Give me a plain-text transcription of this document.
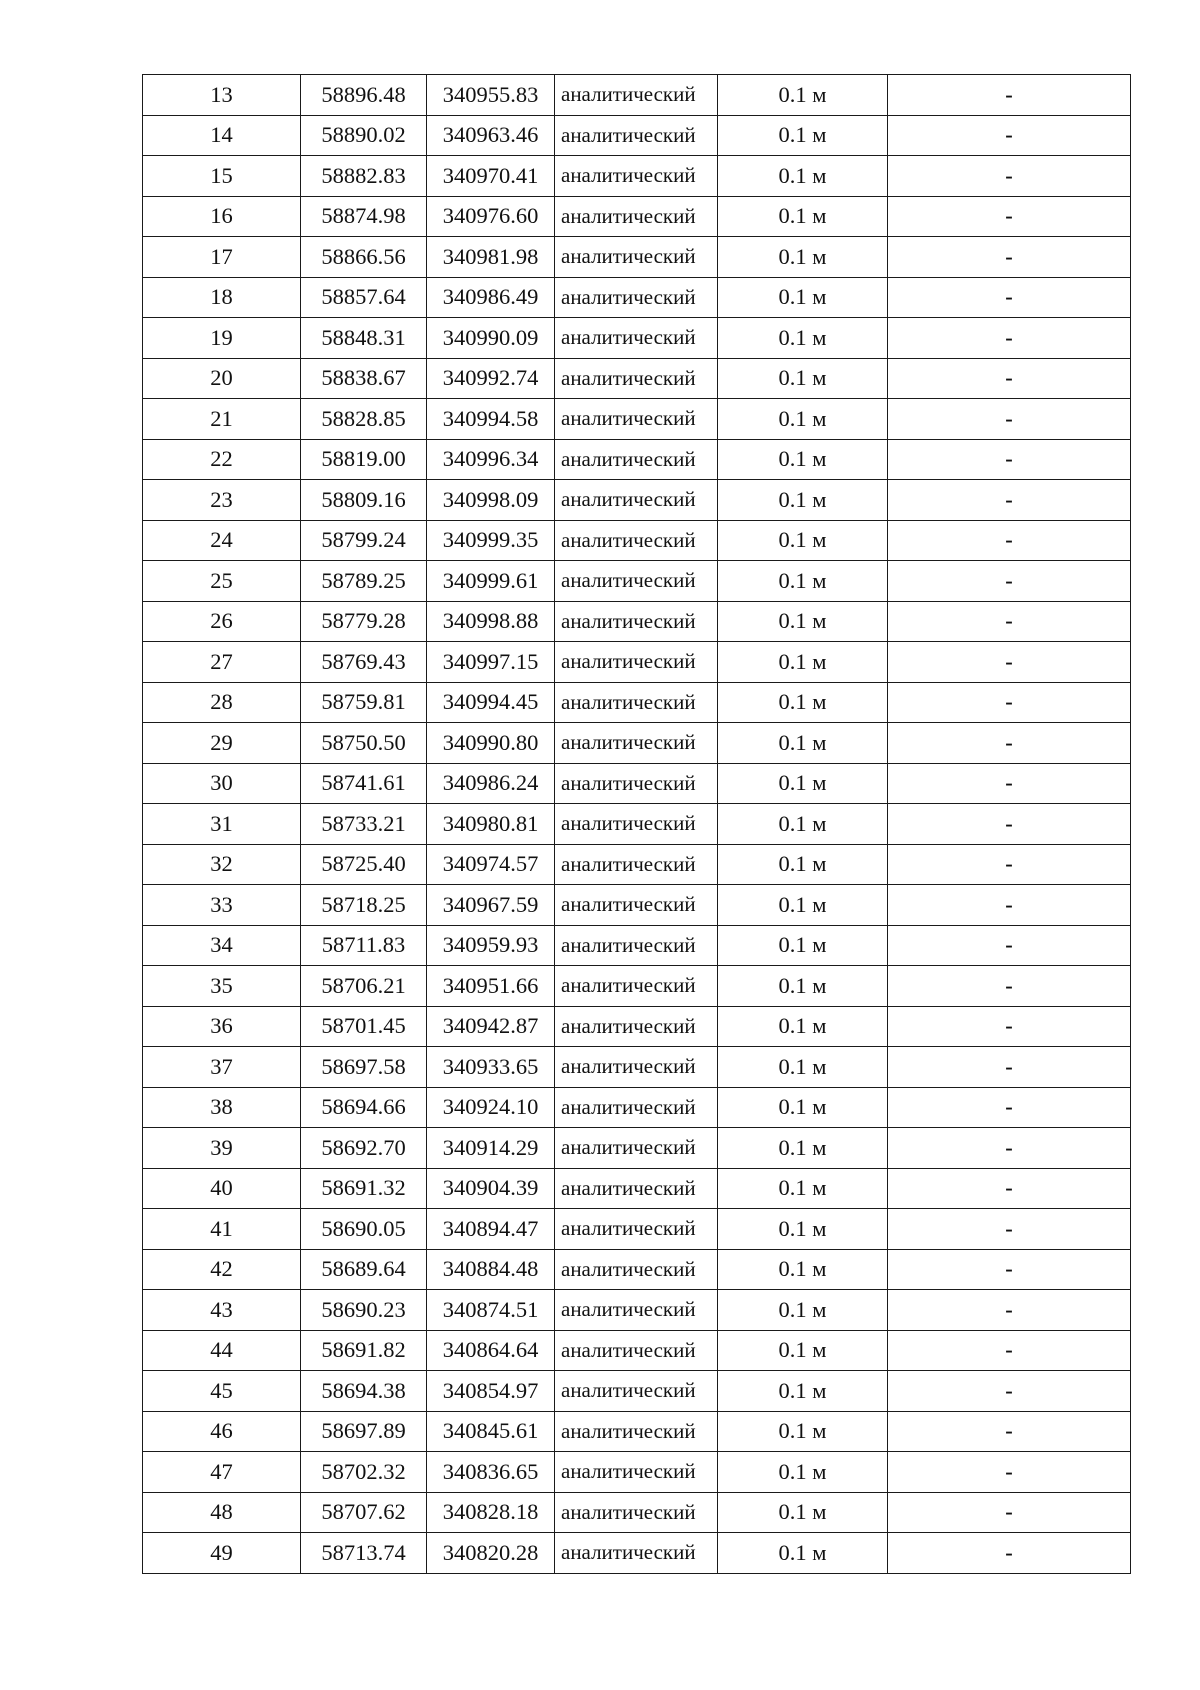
13	58896.48	340955.83	аналитический	0.1 м	-
14	58890.02	340963.46	аналитический	0.1 м	-
15	58882.83	340970.41	аналитический	0.1 м	-
16	58874.98	340976.60	аналитический	0.1 м	-
17	58866.56	340981.98	аналитический	0.1 м	-
18	58857.64	340986.49	аналитический	0.1 м	-
19	58848.31	340990.09	аналитический	0.1 м	-
20	58838.67	340992.74	аналитический	0.1 м	-
21	58828.85	340994.58	аналитический	0.1 м	-
22	58819.00	340996.34	аналитический	0.1 м	-
23	58809.16	340998.09	аналитический	0.1 м	-
24	58799.24	340999.35	аналитический	0.1 м	-
25	58789.25	340999.61	аналитический	0.1 м	-
26	58779.28	340998.88	аналитический	0.1 м	-
27	58769.43	340997.15	аналитический	0.1 м	-
28	58759.81	340994.45	аналитический	0.1 м	-
29	58750.50	340990.80	аналитический	0.1 м	-
30	58741.61	340986.24	аналитический	0.1 м	-
31	58733.21	340980.81	аналитический	0.1 м	-
32	58725.40	340974.57	аналитический	0.1 м	-
33	58718.25	340967.59	аналитический	0.1 м	-
34	58711.83	340959.93	аналитический	0.1 м	-
35	58706.21	340951.66	аналитический	0.1 м	-
36	58701.45	340942.87	аналитический	0.1 м	-
37	58697.58	340933.65	аналитический	0.1 м	-
38	58694.66	340924.10	аналитический	0.1 м	-
39	58692.70	340914.29	аналитический	0.1 м	-
40	58691.32	340904.39	аналитический	0.1 м	-
41	58690.05	340894.47	аналитический	0.1 м	-
42	58689.64	340884.48	аналитический	0.1 м	-
43	58690.23	340874.51	аналитический	0.1 м	-
44	58691.82	340864.64	аналитический	0.1 м	-
45	58694.38	340854.97	аналитический	0.1 м	-
46	58697.89	340845.61	аналитический	0.1 м	-
47	58702.32	340836.65	аналитический	0.1 м	-
48	58707.62	340828.18	аналитический	0.1 м	-
49	58713.74	340820.28	аналитический	0.1 м	-
